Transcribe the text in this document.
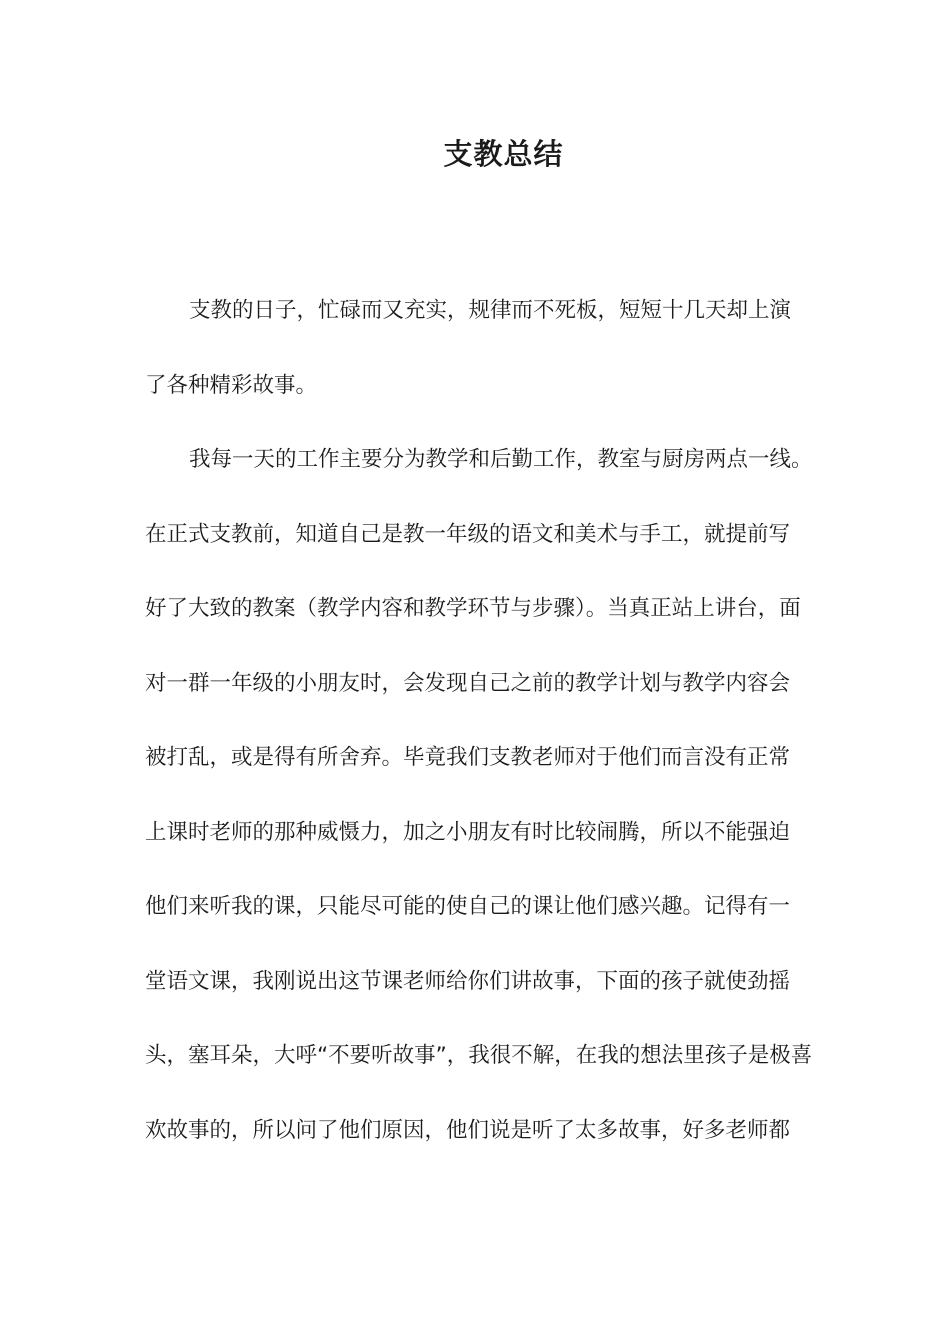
支教总结
支教的日子，忙碌而又充实，规律而不死板，短短十几天却上演
了各种精彩故事。
我每一天的工作主要分为教学和后勤工作，教室与厨房两点一线。
在正式支教前，知道自己是教一年级的语文和美术与手工，就提前写
好了大致的教案（教学内容和教学环节与步骤）。当真正站上讲台，面
对一群一年级的小朋友时，会发现自己之前的教学计划与教学内容会
被打乱，或是得有所舍弃。毕竟我们支教老师对于他们而言没有正常
上课时老师的那种威慑力，加之小朋友有时比较闹腾，所以不能强迫
他们来听我的课，只能尽可能的使自己的课让他们感兴趣。记得有一
堂语文课，我刚说出这节课老师给你们讲故事，下面的孩子就使劲摇
头，塞耳朵，大呼“不要听故事”，我很不解，在我的想法里孩子是极喜
欢故事的，所以问了他们原因，他们说是听了太多故事，好多老师都
